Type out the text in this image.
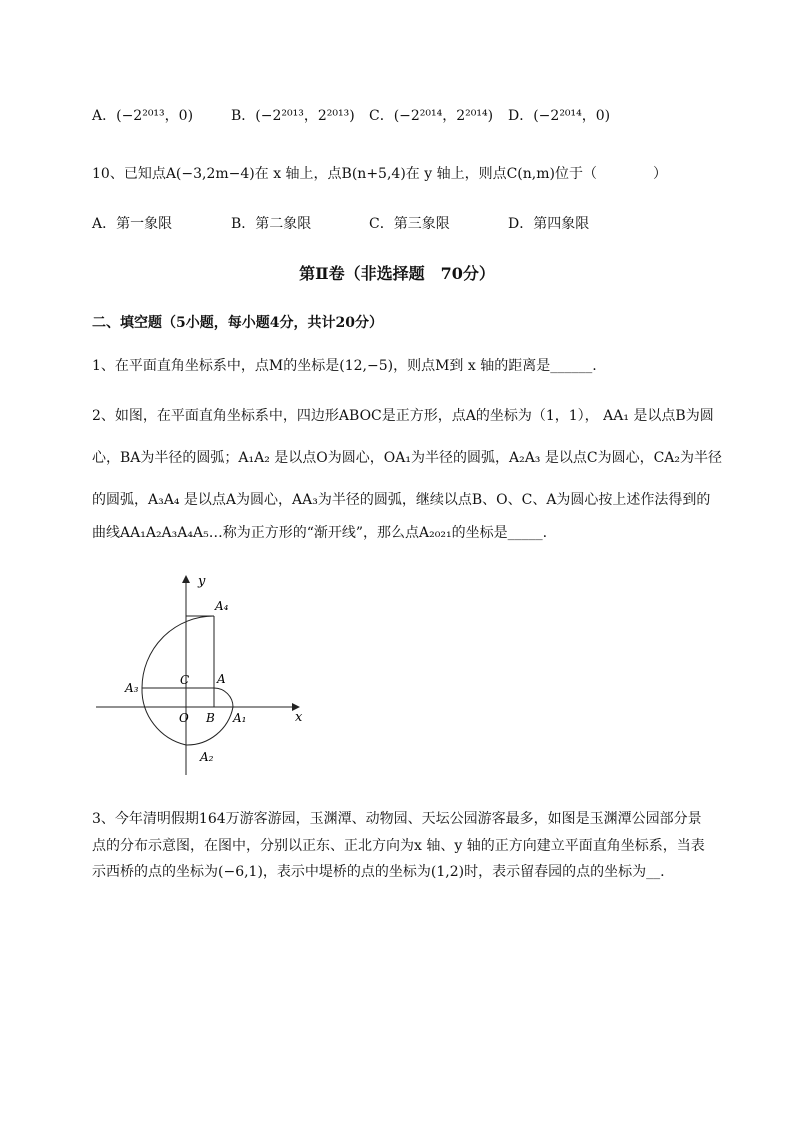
A．(−2²⁰¹³，0)	B．(−2²⁰¹³，2²⁰¹³) C．(−2²⁰¹⁴，2²⁰¹⁴) D．(−2²⁰¹⁴，0)
10、已知点A(−3,2m−4)在 x 轴上，点B(n+5,4)在 y 轴上，则点C(n,m)位于（　　　　）
A．第一象限	B．第二象限	C．第三象限	D．第四象限
第Ⅱ卷（非选择题　70分）
二、填空题（5小题，每小题4分，共计20分）
1、在平面直角坐标系中，点M的坐标是(12,−5)，则点M到 x 轴的距离是______.
2、如图，在平面直角坐标系中，四边形ABOC是正方形，点A的坐标为（1，1）， AA₁ 是以点B为圆
心，BA为半径的圆弧；A₁A₂ 是以点O为圆心，OA₁为半径的圆弧，A₂A₃ 是以点C为圆心，CA₂为半径
的圆弧，A₃A₄ 是以点A为圆心，AA₃为半径的圆弧，继续以点B、O、C、A为圆心按上述作法得到的
曲线AA₁A₂A₃A₄A₅…称为正方形的“渐开线”，那么点A₂₀₂₁的坐标是_____.
y
x
A₄
A
C
A₃
O B A₁
A₂
3、今年清明假期164万游客游园，玉渊潭、动物园、天坛公园游客最多，如图是玉渊潭公园部分景
点的分布示意图，在图中，分别以正东、正北方向为x 轴、y 轴的正方向建立平面直角坐标系，当表
示西桥的点的坐标为(−6,1)，表示中堤桥的点的坐标为(1,2)时，表示留春园的点的坐标为__.
